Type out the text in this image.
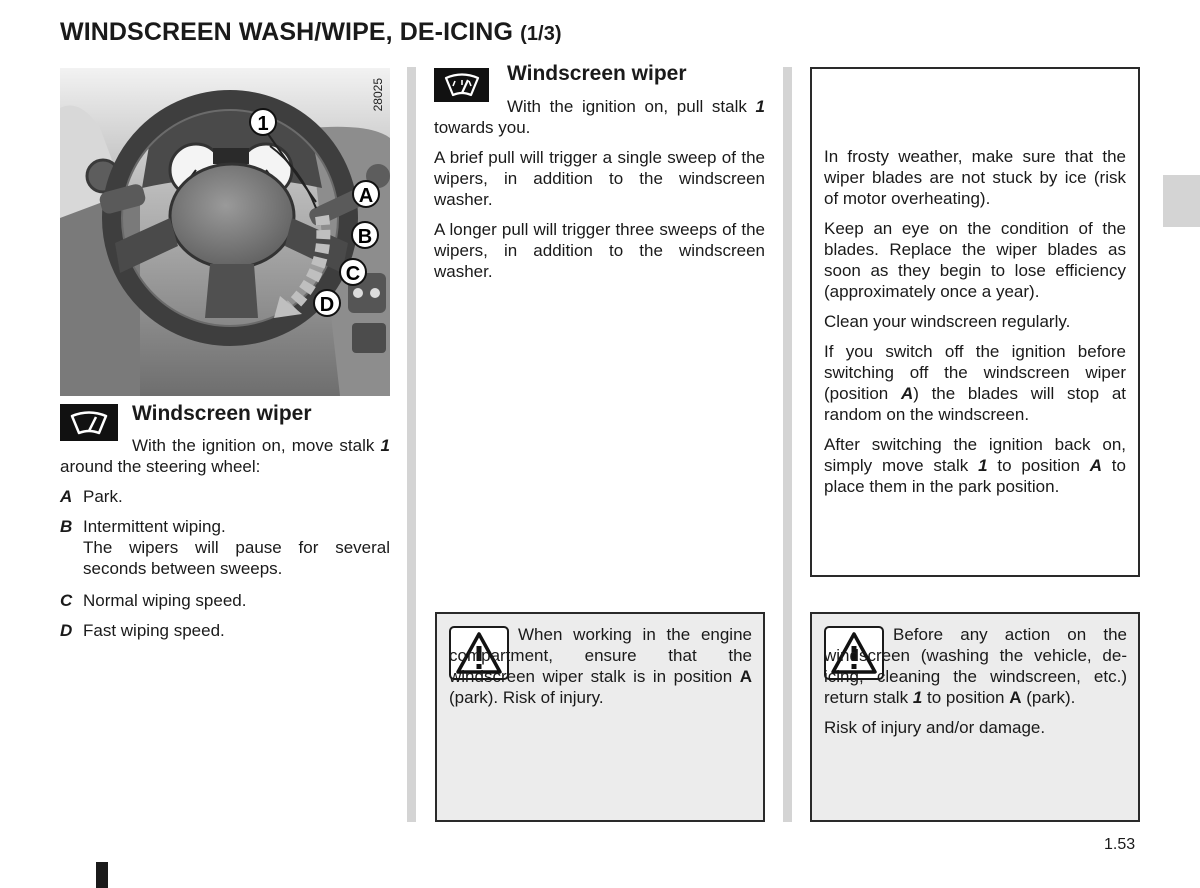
WINDSCREEN WASH/WIPE, DE-ICING (1/3)
28025
1
A
B
C
D
Windscreen wiper

With the ignition on, move stalk 1 around the steering wheel:

A Park.
B Intermittent wiping.
The wipers will pause for several seconds between sweeps.
C Normal wiping speed.
D Fast wiping speed.
Windscreen wiper

With the ignition on, pull stalk 1 towards you.

A brief pull will trigger a single sweep of the wipers, in addition to the windscreen washer.

A longer pull will trigger three sweeps of the wipers, in addition to the windscreen washer.

When working in the engine compartment, ensure that the windscreen wiper stalk is in position A (park). Risk of injury.

In frosty weather, make sure that the wiper blades are not stuck by ice (risk of motor overheating).

Keep an eye on the condition of the blades. Replace the wiper blades as soon as they begin to lose efficiency (approximately once a year).

Clean your windscreen regularly.

If you switch off the ignition before switching off the windscreen wiper (position A) the blades will stop at random on the windscreen.

After switching the ignition back on, simply move stalk 1 to position A to place them in the park position.

Before any action on the windscreen (washing the vehicle, de-icing, cleaning the windscreen, etc.) return stalk 1 to position A (park).

Risk of injury and/or damage.

1.53
